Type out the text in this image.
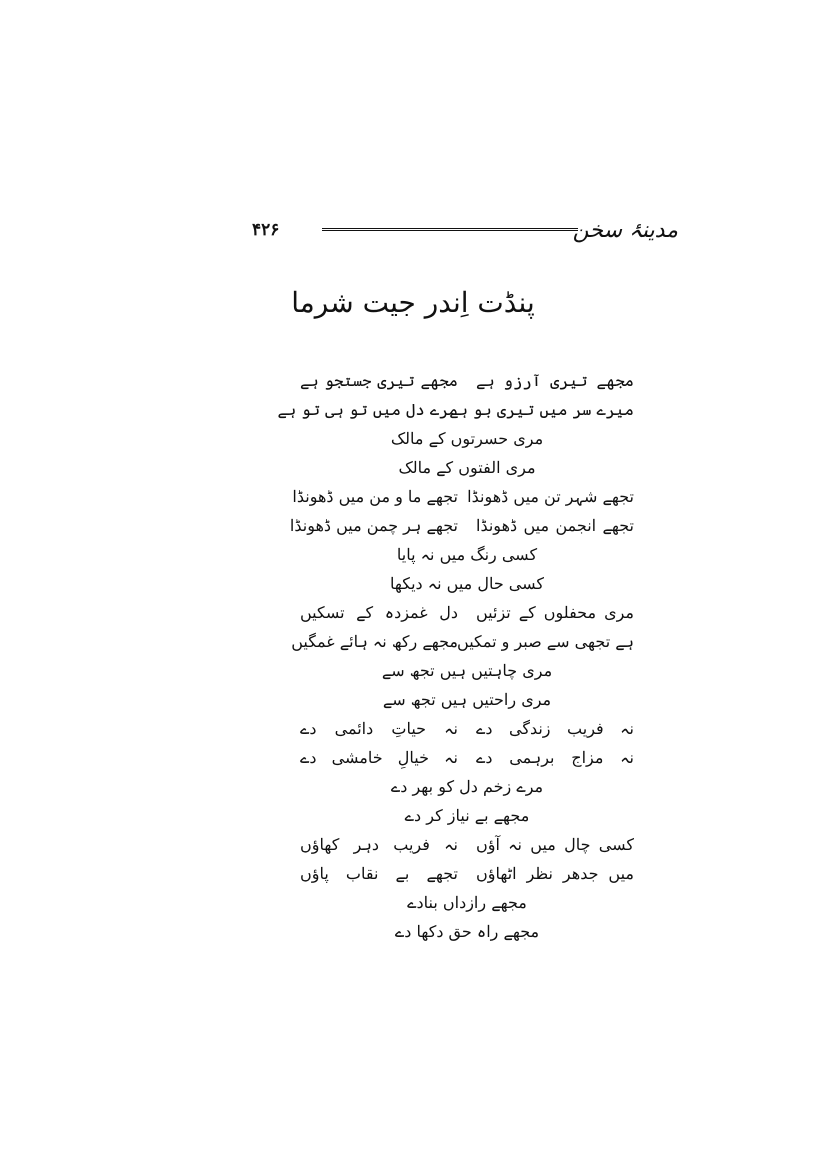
مدینۂ سخن
۴۲۶
پنڈت اِندر جیت شرما
مجھے تیری آرزو ہے
مجھے تیری جستجو ہے
میرے سر میں تیری بو ہے
مرے دل میں تو ہی تو ہے
مری حسرتوں کے مالک
مری الفتوں کے مالک
تجھے شہر تن میں ڈھونڈا
تجھے ما و من میں ڈھونڈا
تجھے انجمن میں ڈھونڈا
تجھے ہر چمن میں ڈھونڈا
کسی رنگ میں نہ پایا
کسی حال میں نہ دیکھا
مری محفلوں کے تزئیں
دل غمزدہ کے تسکیں
ہے تجھی سے صبر و تمکیں
مجھے رکھ نہ ہائے غمگیں
مری چاہتیں ہیں تجھ سے
مری راحتیں ہیں تجھ سے
نہ فریب زندگی دے
نہ حیاتِ دائمی دے
نہ مزاج برہمی دے
نہ خیالِ خامشی دے
مرے زخم دل کو بھر دے
مجھے بے نیاز کر دے
کسی چال میں نہ آؤں
نہ فریب دہر کھاؤں
میں جدھر نظر اٹھاؤں
تجھے بے نقاب پاؤں
مجھے رازداں بنادے
مجھے راہ حق دکھا دے
